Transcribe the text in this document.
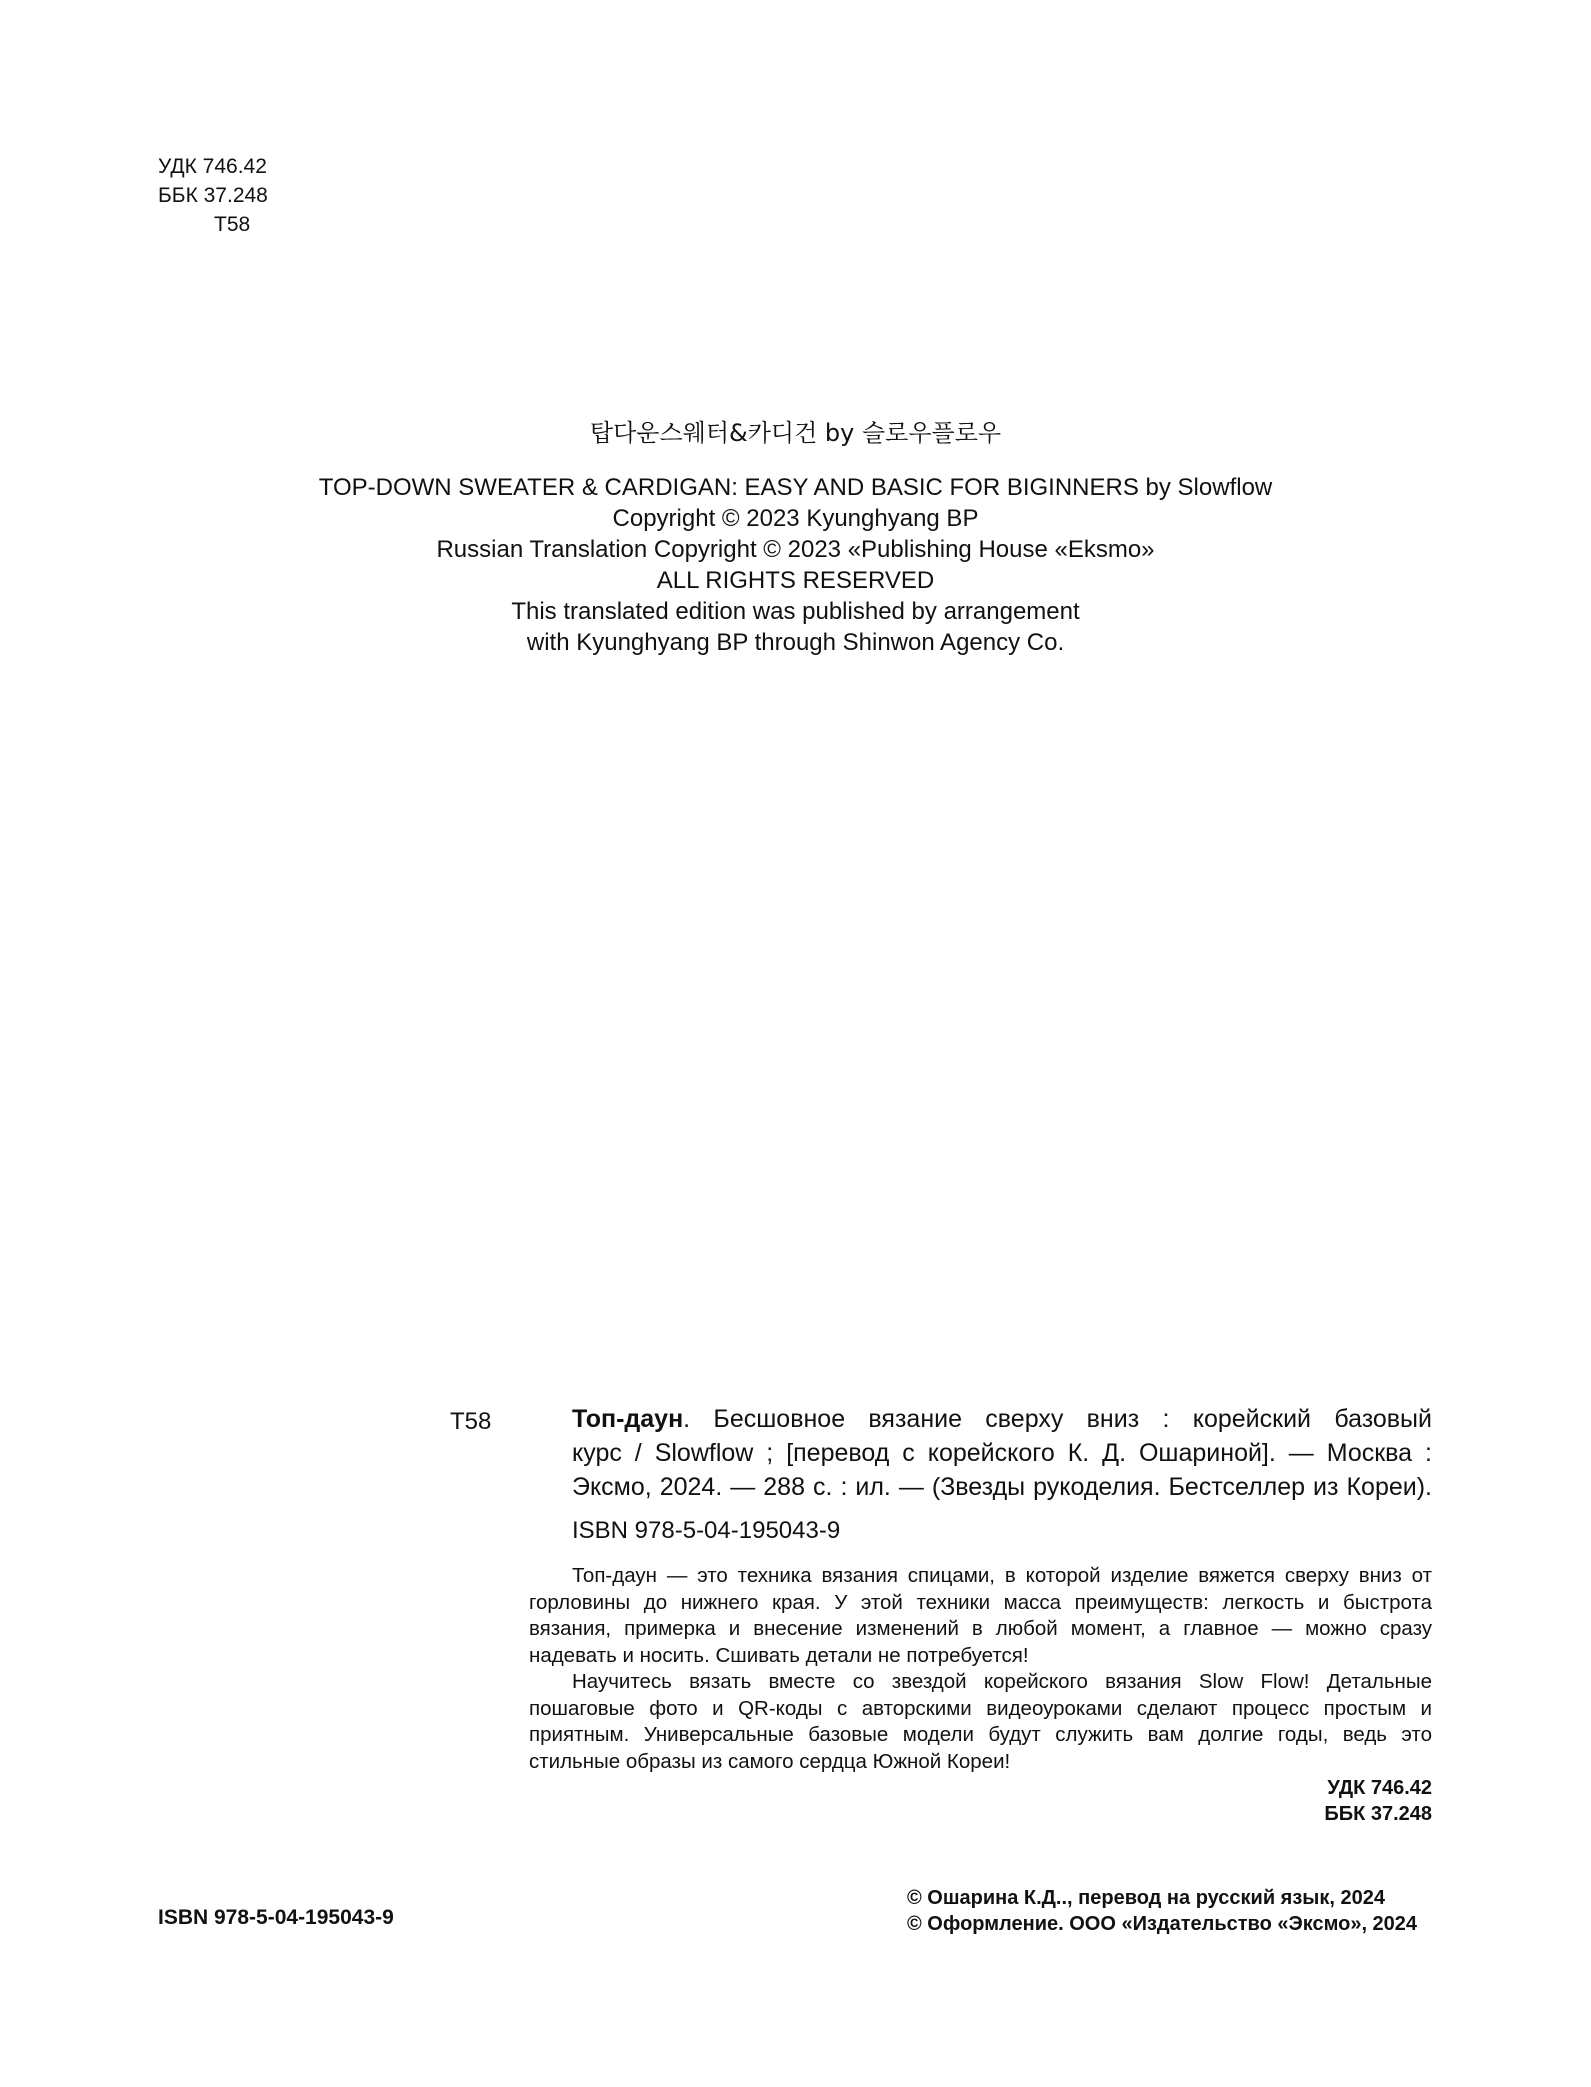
УДК 746.42
ББК 37.248
Т58
탑다운스웨터&카디건 by 슬로우플로우
TOP-DOWN SWEATER & CARDIGAN: EASY AND BASIC FOR BIGINNERS by Slowflow
Copyright © 2023 Kyunghyang BP
Russian Translation Copyright © 2023 «Publishing House «Eksmo»
ALL RIGHTS RESERVED
This translated edition was published by arrangement
with Kyunghyang BP through Shinwon Agency Co.
Т58	Топ-даун. Бесшовное вязание сверху вниз : корейский базовый
курс / Slowflow ; [перевод с корейского К. Д. Ошариной]. — Москва :
Эксмо, 2024. — 288 с. : ил. — (Звезды рукоделия. Бестселлер из Кореи).
ISBN 978-5-04-195043-9

Топ-даун — это техника вязания спицами, в которой изделие вяжется сверху вниз от горловины до нижнего края. У этой техники масса преимуществ: легкость и быстрота вязания, примерка и внесение изменений в любой момент, а главное — можно сразу надевать и носить. Сшивать детали не потребуется!

Научитесь вязать вместе со звездой корейского вязания Slow Flow! Детальные пошаговые фото и QR-коды с авторскими видеоуроками сделают процесс простым и приятным. Универсальные базовые модели будут служить вам долгие годы, ведь это стильные образы из самого сердца Южной Кореи!

УДК 746.42
ББК 37.248
ISBN 978-5-04-195043-9
© Ошарина К.Д.., перевод на русский язык, 2024
© Оформление. ООО «Издательство «Эксмо», 2024
